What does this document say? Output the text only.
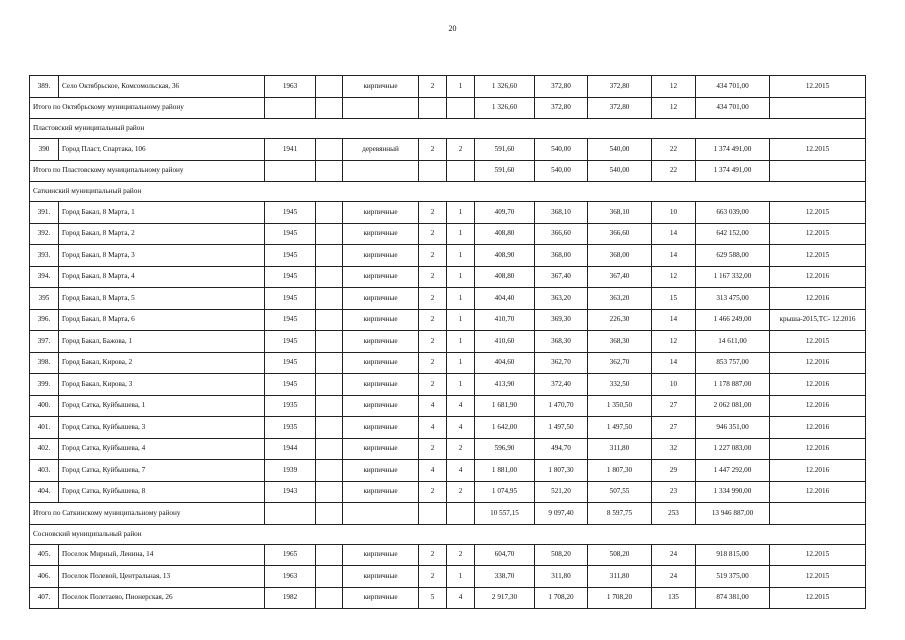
20
389.	Село Октябрьское, Комсомольская, 36	1963		кирпичные	2	1	1 326,60	372,80	372,80	12	434 701,00	12.2015
Итого по Октябрьскому муниципальному району							1 326,60	372,80	372,80	12	434 701,00	
Пластовский муниципальный район												
390	Город Пласт, Спартака, 106	1941		деревянный	2	2	591,60	540,00	540,00	22	1 374 491,00	12.2015
Итого по Пластовскому муниципальному району							591,60	540,00	540,00	22	1 374 491,00	
Саткинский муниципальный район												
391.	Город Бакал, 8 Марта, 1	1945		кирпичные	2	1	409,70	368,10	368,10	10	663 039,00	12.2015
392.	Город Бакал, 8 Марта, 2	1945		кирпичные	2	1	408,80	366,60	366,60	14	642 152,00	12.2015
393.	Город Бакал, 8 Марта, 3	1945		кирпичные	2	1	408,90	368,00	368,00	14	629 588,00	12.2015
394.	Город Бакал, 8 Марта, 4	1945		кирпичные	2	1	408,80	367,40	367,40	12	1 167 332,00	12.2016
395	Город Бакал, 8 Марта, 5	1945		кирпичные	2	1	404,40	363,20	363,20	15	313 475,00	12.2016
396.	Город Бакал, 8 Марта, 6	1945		кирпичные	2	1	410,70	369,30	226,30	14	1 466 249,00	крыша-2015,ТС- 12.2016
397.	Город Бакал, Бажова, 1	1945		кирпичные	2	1	410,60	368,30	368,30	12	14 611,00	12.2015
398.	Город Бакал, Кирова, 2	1945		кирпичные	2	1	404,60	362,70	362,70	14	853 757,00	12.2016
399.	Город Бакал, Кирова, 3	1945		кирпичные	2	1	413,90	372,40	332,50	10	1 178 887,00	12.2016
400.	Город Сатка, Куйбышева, 1	1935		кирпичные	4	4	1 681,90	1 470,70	1 350,50	27	2 062 081,00	12.2016
401.	Город Сатка, Куйбышева, 3	1935		кирпичные	4	4	1 642,00	1 497,50	1 497,50	27	946 351,00	12.2016
402.	Город Сатка, Куйбышева, 4	1944		кирпичные	2	2	596,90	494,70	311,80	32	1 227 083,00	12.2016
403.	Город Сатка, Куйбышева, 7	1939		кирпичные	4	4	1 881,00	1 807,30	1 807,30	29	1 447 292,00	12.2016
404.	Город Сатка, Куйбышева, 8	1943		кирпичные	2	2	1 074,95	521,20	507,55	23	1 334 990,00	12.2016
Итого по Саткинскому муниципальному району							10 557,15	9 097,40	8 597,75	253	13 946 887,00	
Сосновский муниципальный район												
405.	Поселок Мирный, Ленина, 14	1965		кирпичные	2	2	604,70	508,20	508,20	24	918 815,00	12.2015
406.	Поселок Полевой, Центральная, 13	1963		кирпичные	2	1	338,70	311,80	311,80	24	519 375,00	12.2015
407.	Поселок Полетаево, Пионерская, 26	1982		кирпичные	5	4	2 917,30	1 708,20	1 708,20	135	874 381,00	12.2015
